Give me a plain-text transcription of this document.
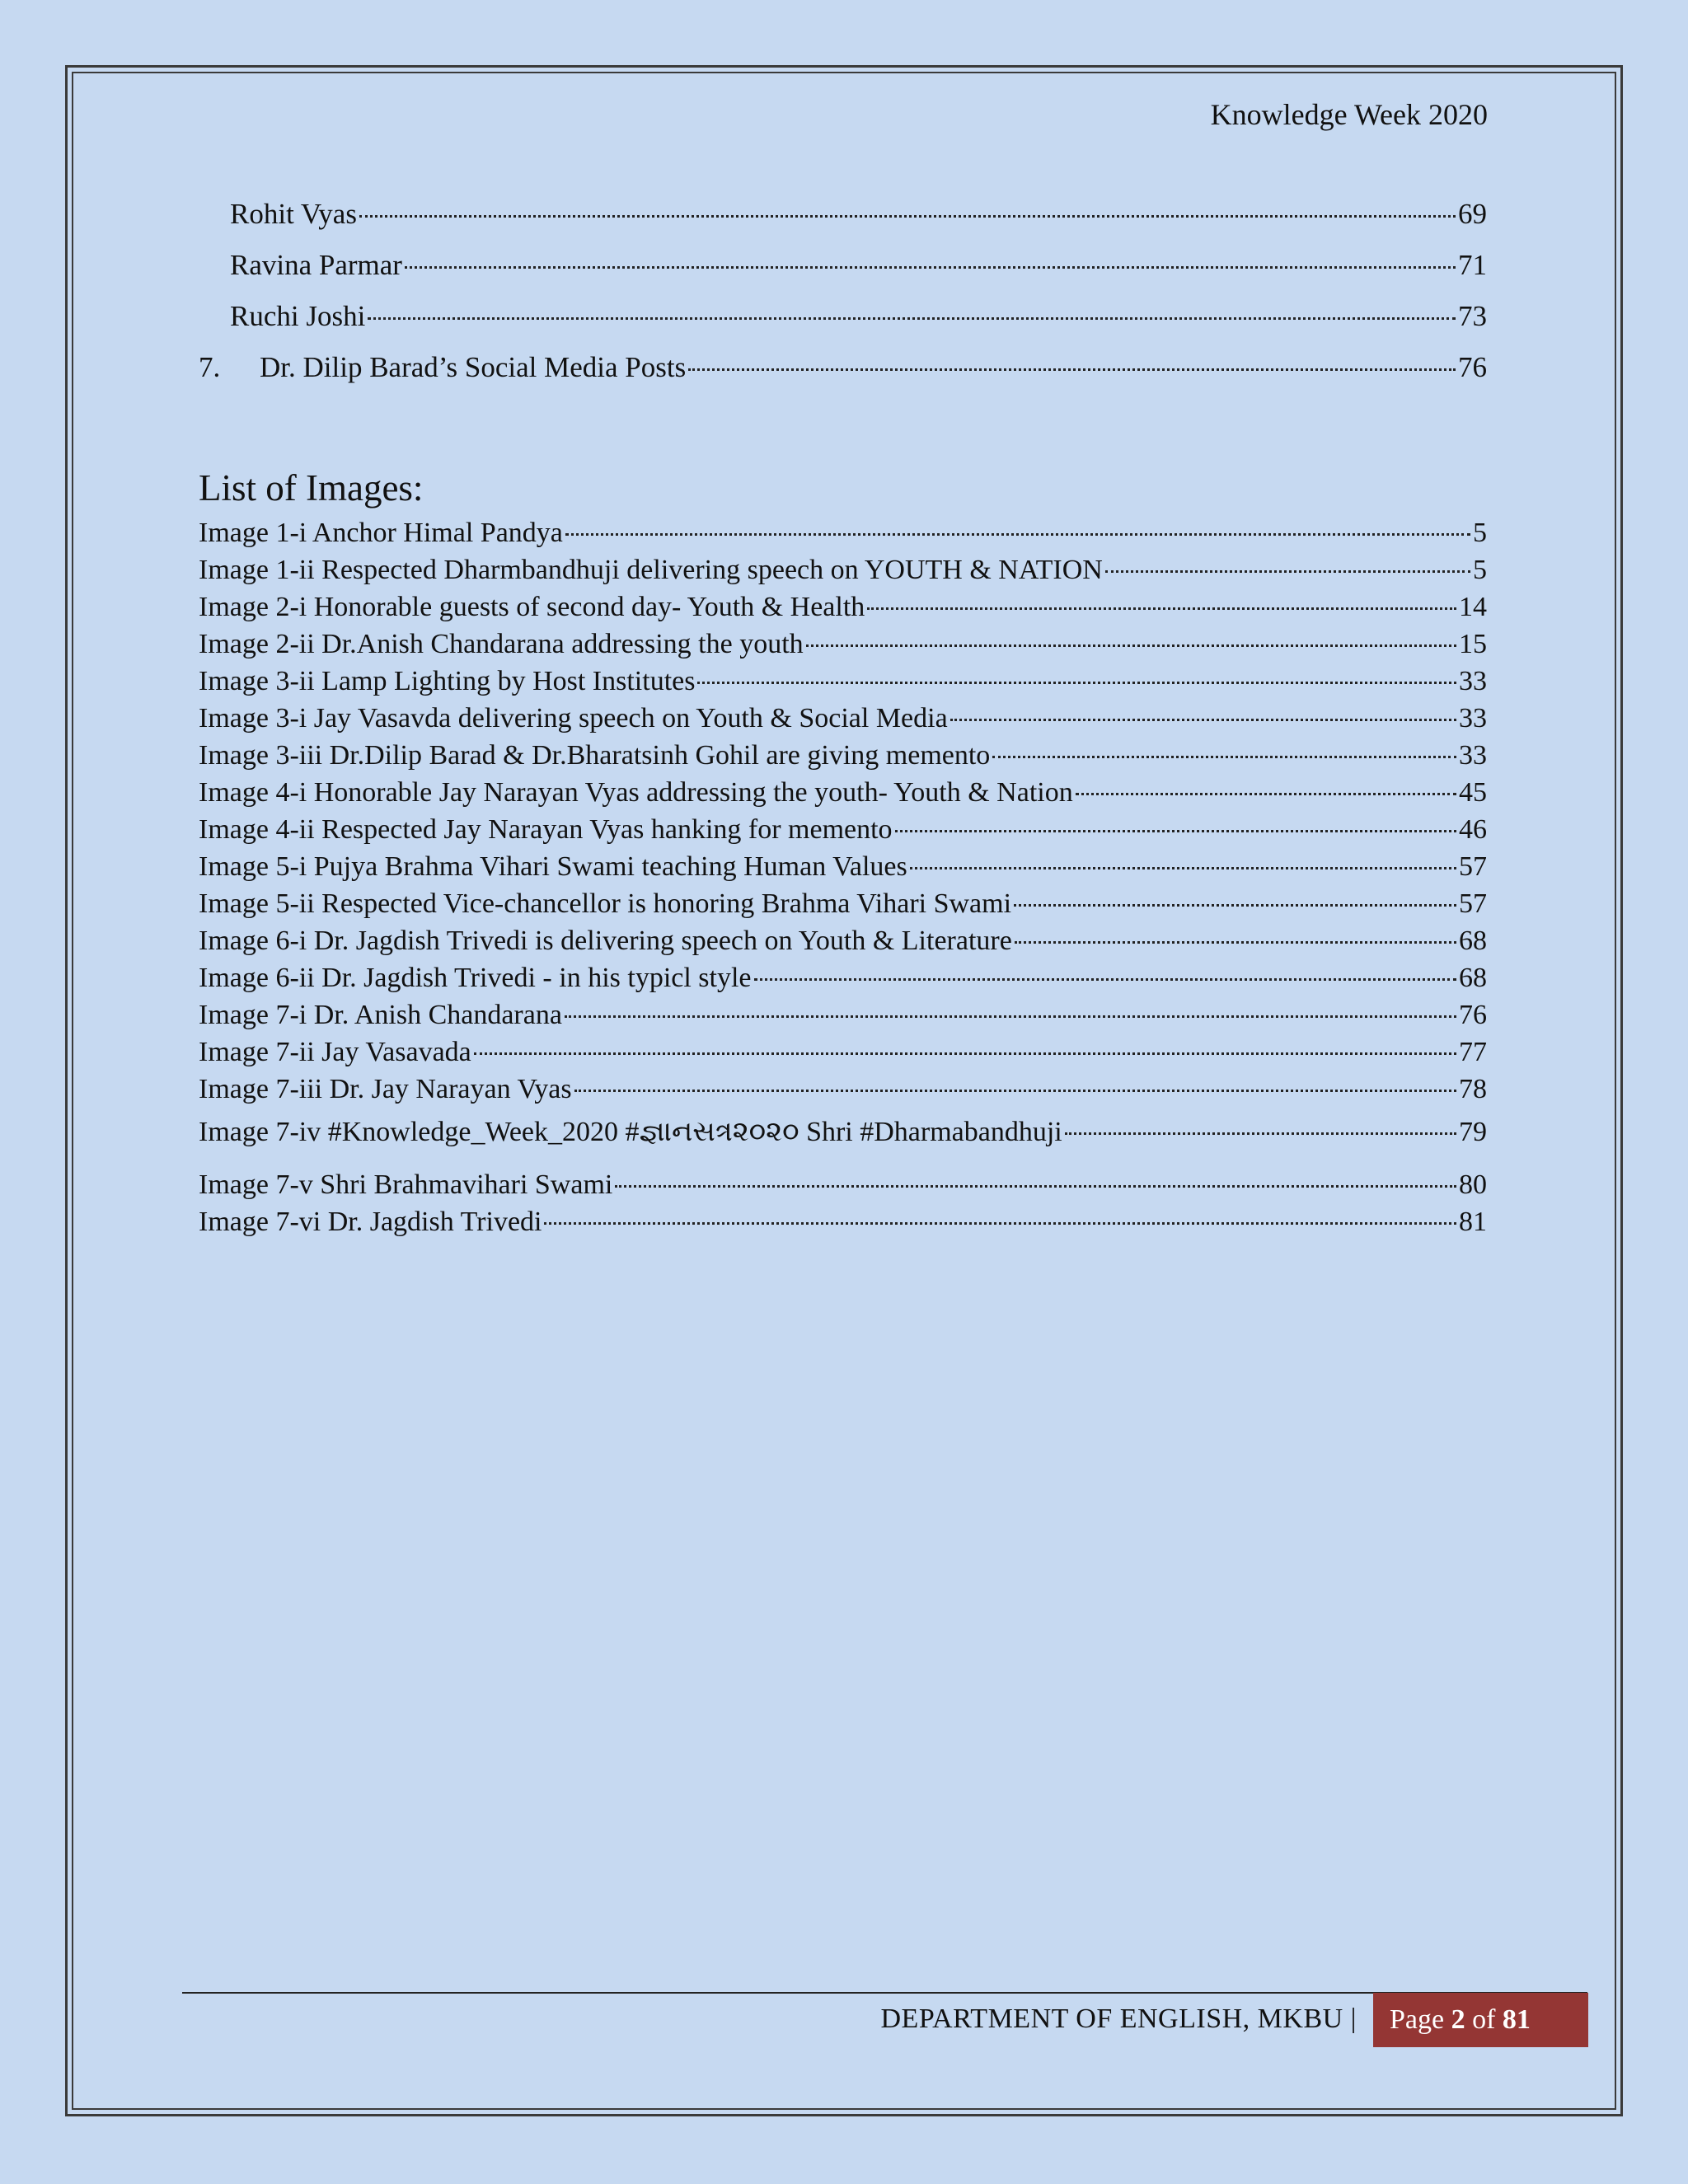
Knowledge Week 2020
Rohit Vyas	69
Ravina Parmar	71
Ruchi Joshi	73
7.	Dr. Dilip Barad’s Social Media Posts	76
List of Images:
Image 1-i Anchor Himal Pandya	5
Image 1-ii Respected Dharmbandhuji delivering speech on YOUTH & NATION	5
Image 2-i Honorable guests of second day- Youth & Health	14
Image 2-ii Dr.Anish Chandarana addressing the youth	15
Image 3-ii Lamp Lighting by Host Institutes	33
Image 3-i Jay Vasavda delivering speech on Youth & Social Media	33
Image 3-iii Dr.Dilip Barad & Dr.Bharatsinh Gohil are giving memento	33
Image 4-i Honorable Jay Narayan Vyas addressing the youth- Youth & Nation	45
Image 4-ii Respected Jay Narayan Vyas hanking for memento	46
Image 5-i Pujya Brahma Vihari Swami teaching Human Values	57
Image 5-ii Respected Vice-chancellor is honoring Brahma Vihari Swami	57
Image 6-i Dr. Jagdish Trivedi is delivering speech on Youth & Literature	68
Image 6-ii Dr. Jagdish Trivedi - in his typicl style	68
Image 7-i Dr. Anish Chandarana	76
Image 7-ii Jay Vasavada	77
Image 7-iii Dr. Jay Narayan Vyas	78
Image 7-iv #Knowledge_Week_2020 #જ્ઞાનસત્ર૨૦૨૦ Shri #Dharmabandhuji	79
Image 7-v Shri Brahmavihari Swami	80
Image 7-vi Dr. Jagdish Trivedi	81
DEPARTMENT OF ENGLISH, MKBU |	Page 2 of 81
